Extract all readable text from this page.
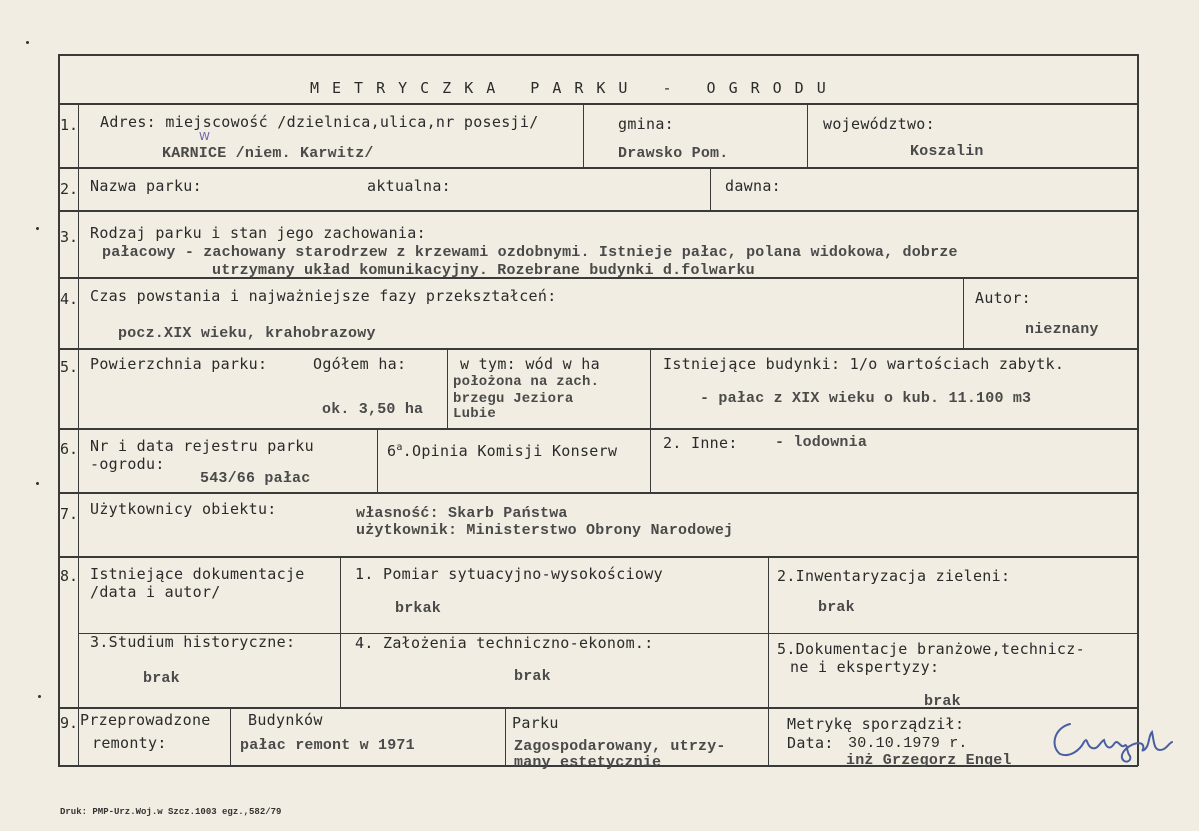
METRYCZKA PARKU - OGRODU
1. Adres: miejscowość /dzielnica,ulica,nr posesji/
W
KARNICE /niem. Karwitz/
gmina:
Drawsko Pom.
województwo:
Koszalin
2. Nazwa parku:	aktualna:	dawna:
3. Rodzaj parku i stan jego zachowania:
pałacowy - zachowany starodrzew z krzewami ozdobnymi. Istnieje pałac, polana widokowa, dobrze
utrzymany układ komunikacyjny. Rozebrane budynki d.folwarku
4. Czas powstania i najważniejsze fazy przekształceń:
pocz.XIX wieku, krahobrazowy
Autor:
nieznany
5. Powierzchnia parku:	Ogółem ha:
ok. 3,50 ha
w tym: wód w ha
położona na zach.
brzegu Jeziora
Lubie
Istniejące budynki: 1/o wartościach zabytk.
- pałac z XIX wieku o kub. 11.100 m3
6. Nr i data rejestru parku
-ogrodu:
543/66 pałac
6$^a$.Opinia Komisji Konserw	2. Inne: - lodownia
7. Użytkownicy obiektu:	własność: Skarb Państwa
użytkownik: Ministerstwo Obrony Narodowej
8. Istniejące dokumentacje
/data i autor/
1. Pomiar sytuacyjno-wysokościowy
brkak
2.Inwentaryzacja zieleni:
brak
3.Studium historyczne:
brak
4. Założenia techniczno-ekonom.:
brak
5.Dokumentacje branżowe,technicz-
ne i ekspertyzy:
brak
9. Przeprowadzone
remonty:
Budynków
pałac remont w 1971
Parku
Zagospodarowany, utrzy-
many estetycznie
Metrykę sporządził:
Data: 30.10.1979 r.
inż Grzegorz Engel
Druk: PMP-Urz.Woj.w Szcz.1003 egz.,582/79
